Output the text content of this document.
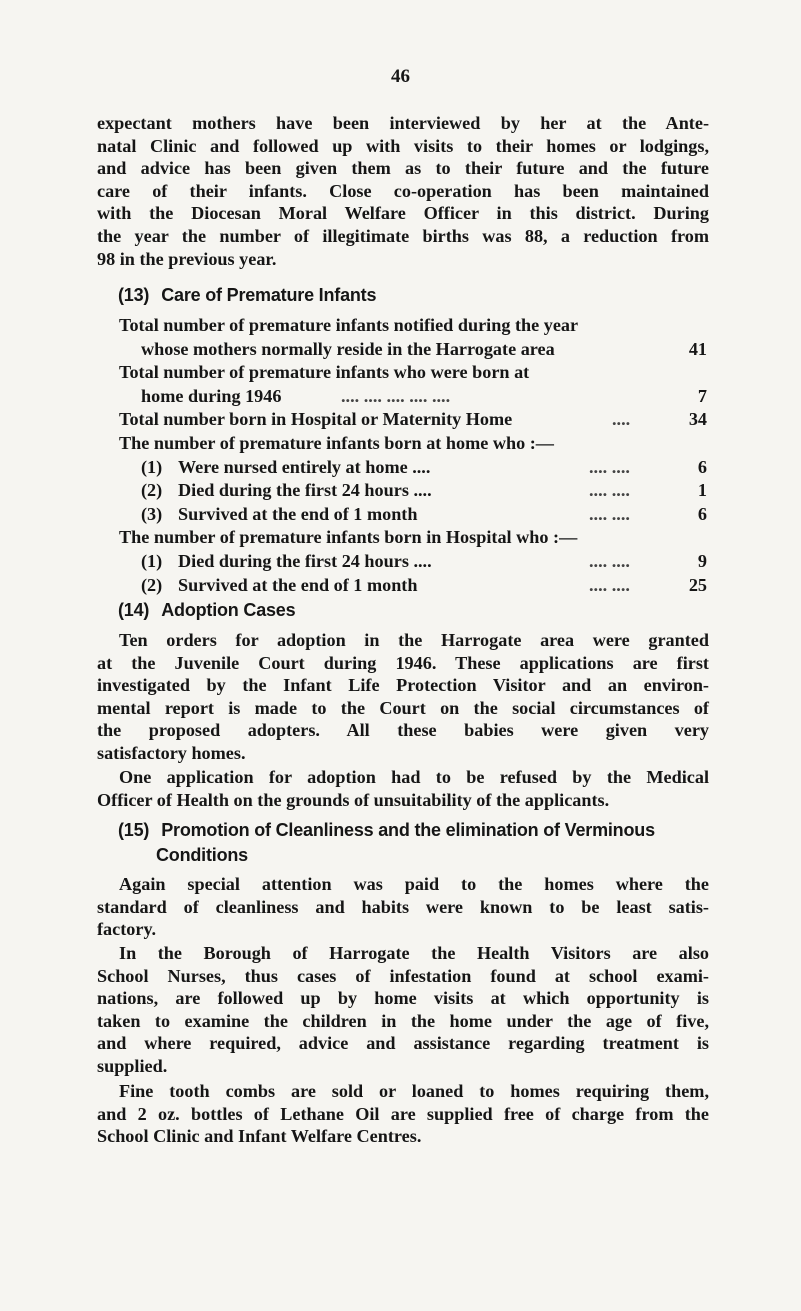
46
expectant mothers have been interviewed by her at the Ante-
natal Clinic and followed up with visits to their homes or lodgings,
and advice has been given them as to their future and the future
care of their infants. Close co-operation has been maintained
with the Diocesan Moral Welfare Officer in this district. During
the year the number of illegitimate births was 88, a reduction from
98 in the previous year.
(13) Care of Premature Infants
Total number of premature infants notified during the year
whose mothers normally reside in the Harrogate area	41
Total number of premature infants who were born at
home during 1946	.... .... .... .... ....	7
Total number born in Hospital or Maternity Home	....	34
The number of premature infants born at home who :—
(1) Were nursed entirely at home ....	.... ....	6
(2) Died during the first 24 hours ....	.... ....	1
(3) Survived at the end of 1 month	.... ....	6
The number of premature infants born in Hospital who :—
(1) Died during the first 24 hours ....	.... ....	9
(2) Survived at the end of 1 month	.... ....	25
(14) Adoption Cases
Ten orders for adoption in the Harrogate area were granted
at the Juvenile Court during 1946. These applications are first
investigated by the Infant Life Protection Visitor and an environ-
mental report is made to the Court on the social circumstances of
the proposed adopters. All these babies were given very
satisfactory homes.
One application for adoption had to be refused by the Medical
Officer of Health on the grounds of unsuitability of the applicants.
(15) Promotion of Cleanliness and the elimination of Verminous
Conditions
Again special attention was paid to the homes where the
standard of cleanliness and habits were known to be least satis-
factory.
In the Borough of Harrogate the Health Visitors are also
School Nurses, thus cases of infestation found at school exami-
nations, are followed up by home visits at which opportunity is
taken to examine the children in the home under the age of five,
and where required, advice and assistance regarding treatment is
supplied.
Fine tooth combs are sold or loaned to homes requiring them,
and 2 oz. bottles of Lethane Oil are supplied free of charge from the
School Clinic and Infant Welfare Centres.
